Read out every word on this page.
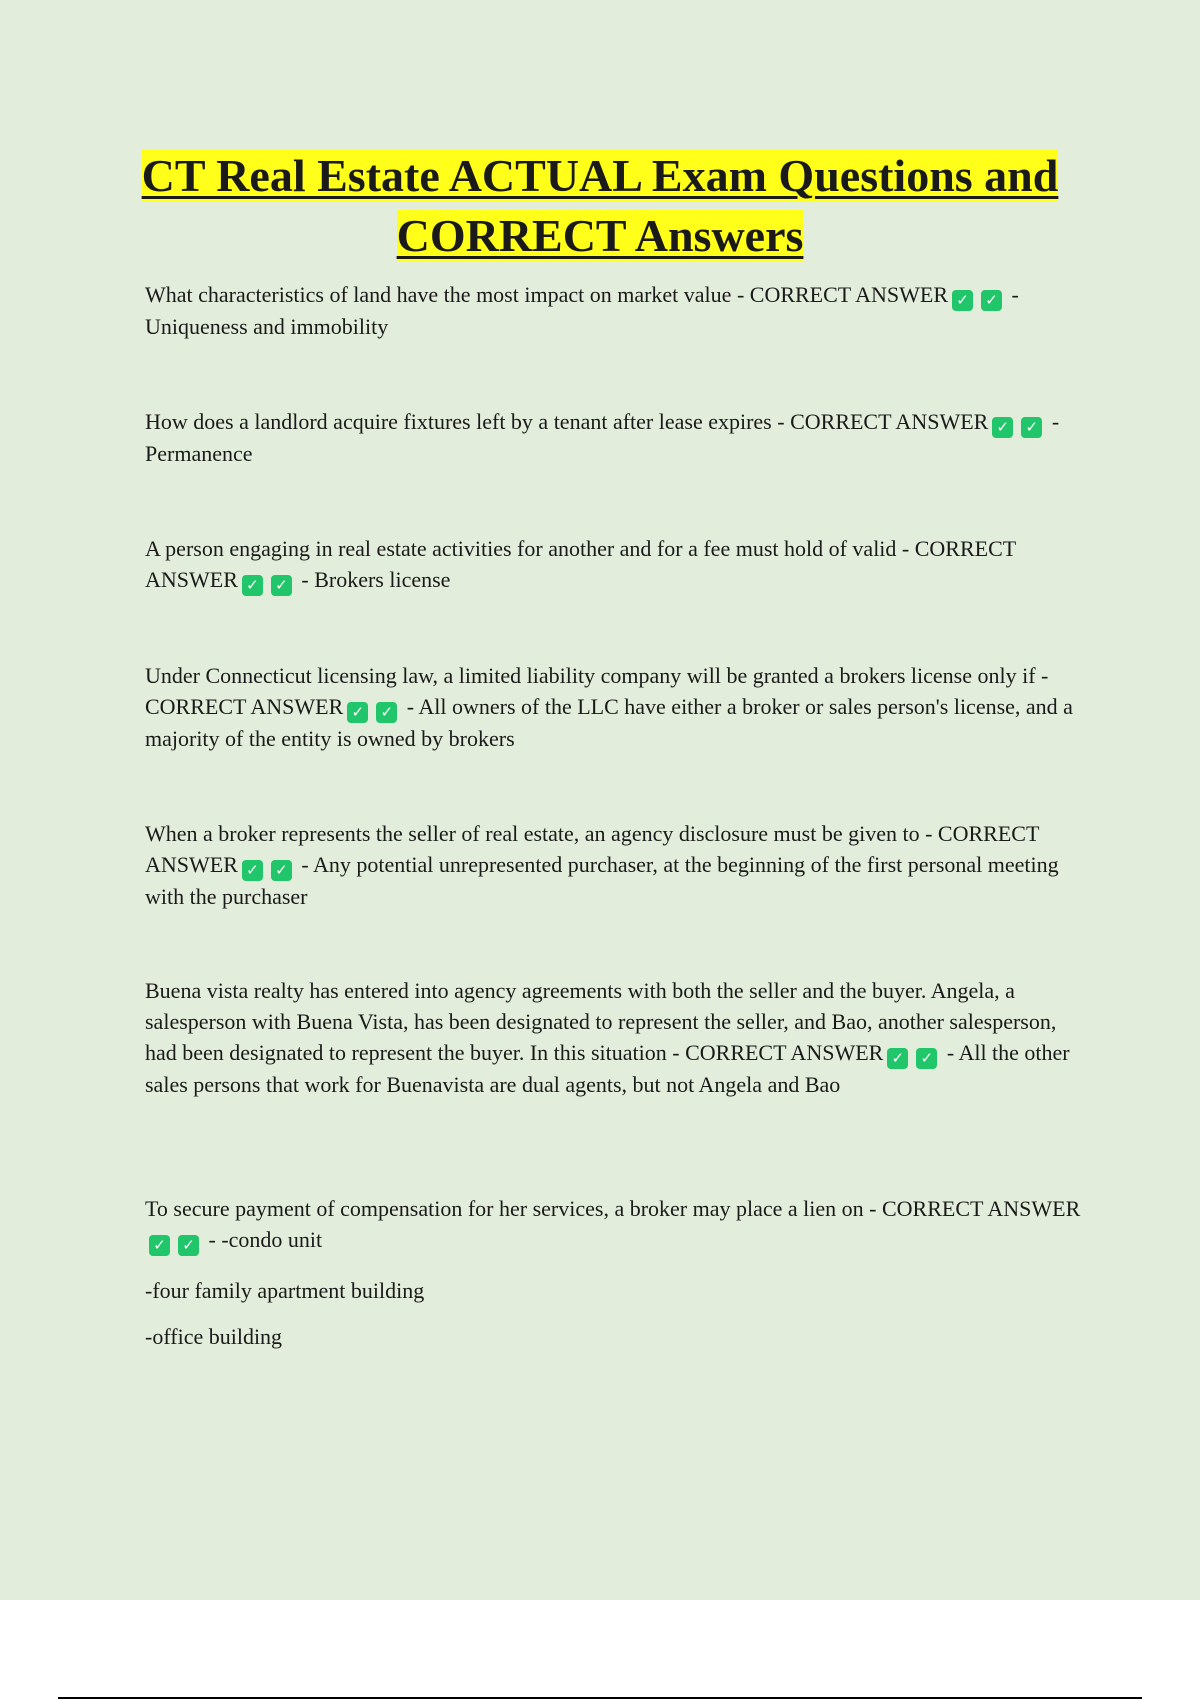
CT Real Estate ACTUAL Exam Questions and CORRECT Answers

What characteristics of land have the most impact on market value - CORRECT ANSWER ✓ ✓ - Uniqueness and immobility

How does a landlord acquire fixtures left by a tenant after lease expires - CORRECT ANSWER ✓ ✓ - Permanence

A person engaging in real estate activities for another and for a fee must hold of valid - CORRECT ANSWER ✓ ✓ - Brokers license

Under Connecticut licensing law, a limited liability company will be granted a brokers license only if - CORRECT ANSWER ✓ ✓ - All owners of the LLC have either a broker or sales person's license, and a majority of the entity is owned by brokers

When a broker represents the seller of real estate, an agency disclosure must be given to - CORRECT ANSWER ✓ ✓ - Any potential unrepresented purchaser, at the beginning of the first personal meeting with the purchaser

Buena vista realty has entered into agency agreements with both the seller and the buyer. Angela, a salesperson with Buena Vista, has been designated to represent the seller, and Bao, another salesperson, had been designated to represent the buyer. In this situation - CORRECT ANSWER ✓ ✓ - All the other sales persons that work for Buenavista are dual agents, but not Angela and Bao

To secure payment of compensation for her services, a broker may place a lien on - CORRECT ANSWER✓ ✓ - -condo unit

-four family apartment building

-office building
